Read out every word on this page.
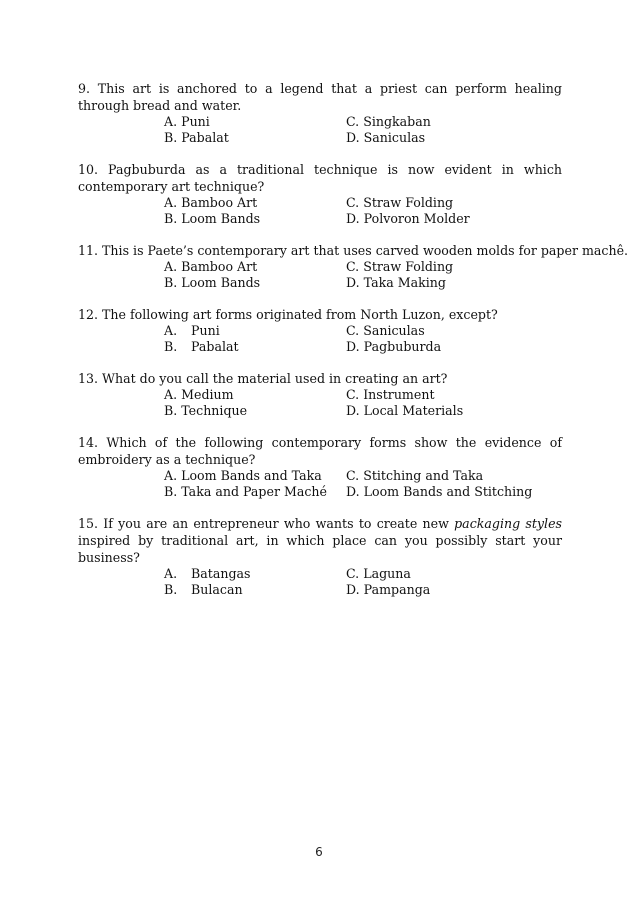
9. This art is anchored to a legend that a priest can perform healing through bread and water.
A. Puni	C. Singkaban
B. Pabalat	D. Saniculas
10. Pagbuburda as a traditional technique is now evident in which contemporary art technique?
A. Bamboo Art	C. Straw Folding
B. Loom Bands	D. Polvoron Molder
11. This is Paete’s contemporary art that uses carved wooden molds for paper machê.
A. Bamboo Art	C. Straw Folding
B. Loom Bands	D. Taka Making
12. The following art forms originated from North Luzon, except?
A. Puni	C. Saniculas
B. Pabalat	D. Pagbuburda
13. What do you call the material used in creating an art?
A. Medium	C. Instrument
B. Technique	D. Local Materials
14. Which of the following contemporary forms show the evidence of embroidery as a technique?
A. Loom Bands and Taka	C. Stitching and Taka
B. Taka and Paper Maché	D. Loom Bands and Stitching
15. If you are an entrepreneur who wants to create new packaging styles inspired by traditional art, in which place can you possibly start your business?
A. Batangas	C. Laguna
B. Bulacan	D. Pampanga
6
